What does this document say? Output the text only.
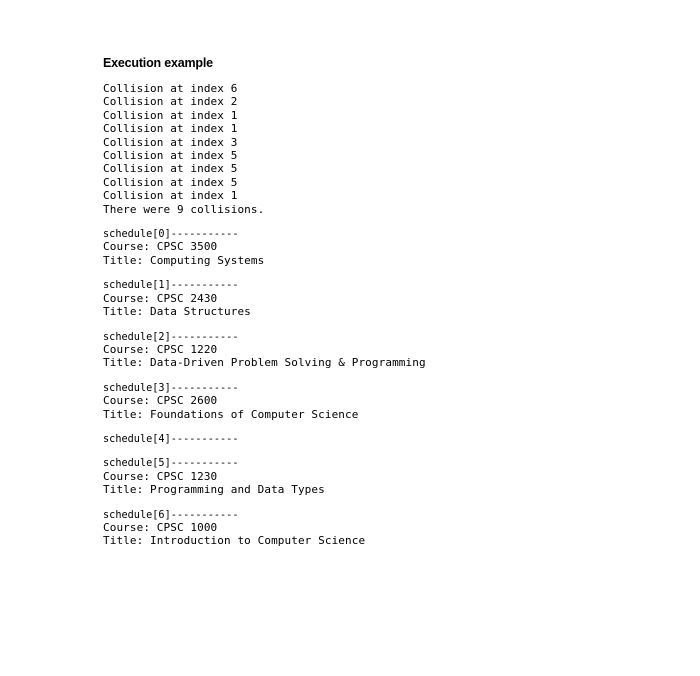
Execution example
Collision at index 6
Collision at index 2
Collision at index 1
Collision at index 1
Collision at index 3
Collision at index 5
Collision at index 5
Collision at index 5
Collision at index 1
There were 9 collisions.
schedule[0]-----------
Course: CPSC 3500
Title: Computing Systems
schedule[1]-----------
Course: CPSC 2430
Title: Data Structures
schedule[2]-----------
Course: CPSC 1220
Title: Data-Driven Problem Solving & Programming
schedule[3]-----------
Course: CPSC 2600
Title: Foundations of Computer Science
schedule[4]-----------
schedule[5]-----------
Course: CPSC 1230
Title: Programming and Data Types
schedule[6]-----------
Course: CPSC 1000
Title: Introduction to Computer Science
